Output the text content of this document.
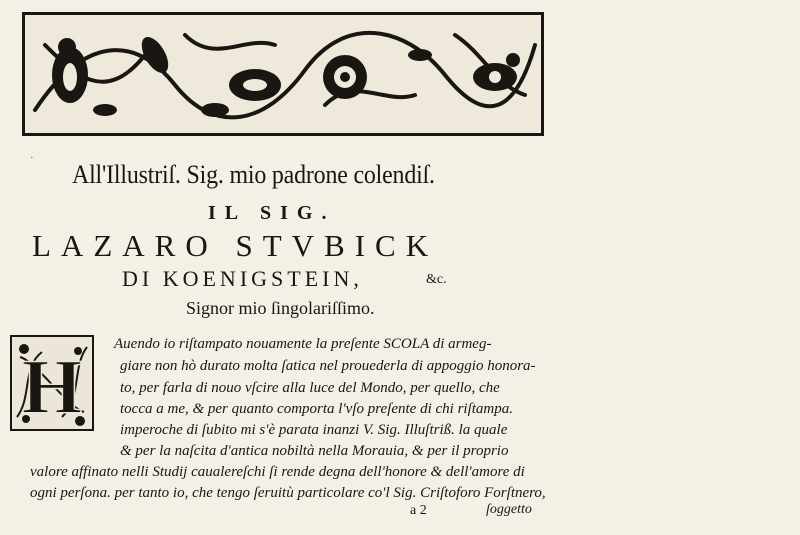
·
All'Illustriſ. Sig. mio padrone colendiſ.
IL SIG.
LAZARO STVBICK
DI KOENIGSTEIN,	&c.
Signor mio ſingolariſſimo.
H Auendo io riſtampato nouamente la preſente SCOLA di armeg-
giare non hò durato molta ſatica nel prouederla di appoggio honora-
to, per farla di nouo vſcire alla luce del Mondo, per quello, che
tocca a me, & per quanto comporta l'vſo preſente di chi riſtampa.
imperoche di ſubito mi s'è parata inanzi V. Sig. Illuſtriß. la quale
& per la naſcita d'antica nobiltà nella Morauia, & per il proprio
valore affinato nelli Studij caualereſchi ſi rende degna dell'honore & dell'amore di
ogni perſona. per tanto io, che tengo ſeruitù particolare co'l Sig. Criſtoforo Forſtnero,
a 2	ſoggetto
